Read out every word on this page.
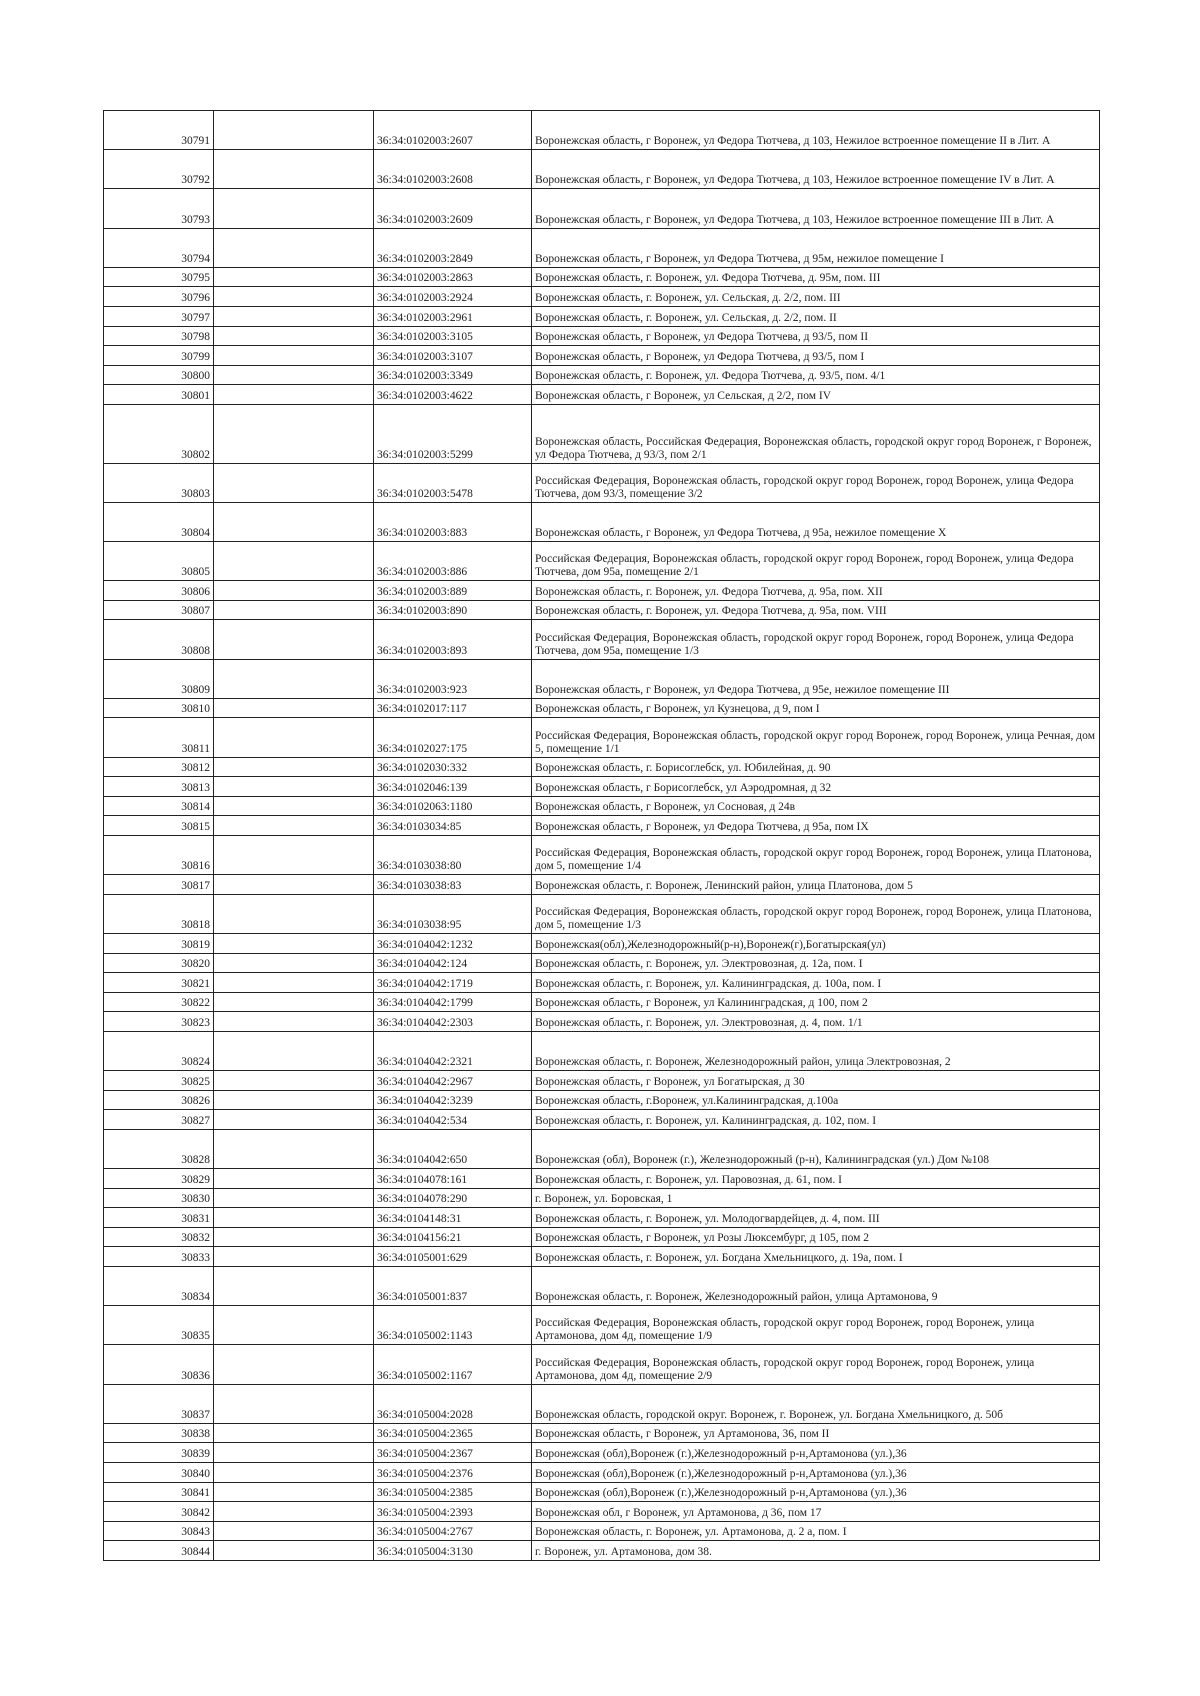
30791		36:34:0102003:2607	Воронежская область, г Воронеж, ул Федора Тютчева, д 103, Нежилое встроенное помещение II в Лит. А
30792		36:34:0102003:2608	Воронежская область, г Воронеж, ул Федора Тютчева, д 103, Нежилое встроенное помещение IV в Лит. А
30793		36:34:0102003:2609	Воронежская область, г Воронеж, ул Федора Тютчева, д 103, Нежилое встроенное помещение III в Лит. А
30794		36:34:0102003:2849	Воронежская область, г Воронеж, ул Федора Тютчева, д 95м, нежилое помещение I
30795		36:34:0102003:2863	Воронежская область, г. Воронеж, ул. Федора Тютчева, д. 95м, пом. III
30796		36:34:0102003:2924	Воронежская область, г. Воронеж, ул. Сельская, д. 2/2, пом. III
30797		36:34:0102003:2961	Воронежская область, г. Воронеж, ул. Сельская, д. 2/2, пом. II
30798		36:34:0102003:3105	Воронежская область, г Воронеж, ул Федора Тютчева, д 93/5, пом II
30799		36:34:0102003:3107	Воронежская область, г Воронеж, ул Федора Тютчева, д 93/5, пом I
30800		36:34:0102003:3349	Воронежская область, г. Воронеж, ул. Федора Тютчева, д. 93/5, пом. 4/1
30801		36:34:0102003:4622	Воронежская область, г Воронеж, ул Сельская, д 2/2, пом IV
30802		36:34:0102003:5299	Воронежская область, Российская Федерация, Воронежская область, городской округ город Воронеж, г Воронеж, ул Федора Тютчева, д 93/3, пом 2/1
30803		36:34:0102003:5478	Российская Федерация, Воронежская область, городской округ город Воронеж, город Воронеж, улица Федора Тютчева, дом 93/3, помещение 3/2
30804		36:34:0102003:883	Воронежская область, г Воронеж, ул Федора Тютчева, д 95а, нежилое помещение Х
30805		36:34:0102003:886	Российская Федерация, Воронежская область, городской округ город Воронеж, город Воронеж, улица Федора Тютчева, дом 95а, помещение 2/1
30806		36:34:0102003:889	Воронежская область, г. Воронеж, ул. Федора Тютчева, д. 95а, пом. XII
30807		36:34:0102003:890	Воронежская область, г. Воронеж, ул. Федора Тютчева, д. 95а, пом. VIII
30808		36:34:0102003:893	Российская Федерация, Воронежская область, городской округ город Воронеж, город Воронеж, улица Федора Тютчева, дом 95а, помещение 1/3
30809		36:34:0102003:923	Воронежская область, г Воронеж, ул Федора Тютчева, д 95е, нежилое помещение III
30810		36:34:0102017:117	Воронежская область, г Воронеж, ул Кузнецова, д 9, пом I
30811		36:34:0102027:175	Российская Федерация, Воронежская область, городской округ город Воронеж, город Воронеж, улица Речная, дом 5, помещение 1/1
30812		36:34:0102030:332	Воронежская область, г. Борисоглебск, ул. Юбилейная, д. 90
30813		36:34:0102046:139	Воронежская область, г Борисоглебск, ул Аэродромная, д 32
30814		36:34:0102063:1180	Воронежская область, г Воронеж, ул Сосновая, д 24в
30815		36:34:0103034:85	Воронежская область, г Воронеж, ул Федора Тютчева, д 95а, пом IX
30816		36:34:0103038:80	Российская Федерация, Воронежская область, городской округ город Воронеж, город Воронеж, улица Платонова, дом 5, помещение 1/4
30817		36:34:0103038:83	Воронежская область, г. Воронеж, Ленинский район, улица Платонова, дом 5
30818		36:34:0103038:95	Российская Федерация, Воронежская область, городской округ город Воронеж, город Воронеж, улица Платонова, дом 5, помещение 1/3
30819		36:34:0104042:1232	Воронежская(обл),Железнодорожный(р-н),Воронеж(г),Богатырская(ул)
30820		36:34:0104042:124	Воронежская область, г. Воронеж, ул. Электровозная, д. 12а, пом. I
30821		36:34:0104042:1719	Воронежская область, г. Воронеж, ул. Калининградская, д. 100а, пом. I
30822		36:34:0104042:1799	Воронежская область, г Воронеж, ул Калининградская, д 100, пом 2
30823		36:34:0104042:2303	Воронежская область, г. Воронеж, ул. Электровозная, д. 4, пом. 1/1
30824		36:34:0104042:2321	Воронежская область, г. Воронеж, Железнодорожный район, улица Электровозная, 2
30825		36:34:0104042:2967	Воронежская область, г Воронеж, ул Богатырская, д 30
30826		36:34:0104042:3239	Воронежская область, г.Воронеж, ул.Калининградская, д.100а
30827		36:34:0104042:534	Воронежская область, г. Воронеж, ул. Калининградская, д. 102, пом. I
30828		36:34:0104042:650	Воронежская (обл), Воронеж (г.), Железнодорожный (р-н), Калининградская (ул.) Дом №108
30829		36:34:0104078:161	Воронежская область, г. Воронеж, ул. Паровозная, д. 61, пом. I
30830		36:34:0104078:290	г. Воронеж, ул. Боровская, 1
30831		36:34:0104148:31	Воронежская область, г. Воронеж, ул. Молодогвардейцев, д. 4, пом. III
30832		36:34:0104156:21	Воронежская область, г Воронеж, ул Розы Люксембург, д 105, пом 2
30833		36:34:0105001:629	Воронежская область, г. Воронеж, ул. Богдана Хмельницкого, д. 19а, пом. I
30834		36:34:0105001:837	Воронежская область, г. Воронеж, Железнодорожный район, улица Артамонова, 9
30835		36:34:0105002:1143	Российская Федерация, Воронежская область, городской округ город Воронеж, город Воронеж, улица Артамонова, дом 4д, помещение 1/9
30836		36:34:0105002:1167	Российская Федерация, Воронежская область, городской округ город Воронеж, город Воронеж, улица Артамонова, дом 4д, помещение 2/9
30837		36:34:0105004:2028	Воронежская область, городской округ. Воронеж, г. Воронеж, ул. Богдана Хмельницкого, д. 50б
30838		36:34:0105004:2365	Воронежская область, г Воронеж, ул Артамонова, 36, пом II
30839		36:34:0105004:2367	Воронежская (обл),Воронеж (г.),Железнодорожный р-н,Артамонова (ул.),36
30840		36:34:0105004:2376	Воронежская (обл),Воронеж (г.),Железнодорожный р-н,Артамонова (ул.),36
30841		36:34:0105004:2385	Воронежская (обл),Воронеж (г.),Железнодорожный р-н,Артамонова (ул.),36
30842		36:34:0105004:2393	Воронежская обл, г Воронеж, ул Артамонова, д 36, пом 17
30843		36:34:0105004:2767	Воронежская область, г. Воронеж, ул. Артамонова, д. 2 а, пом. I
30844		36:34:0105004:3130	г. Воронеж, ул. Артамонова, дом 38.
